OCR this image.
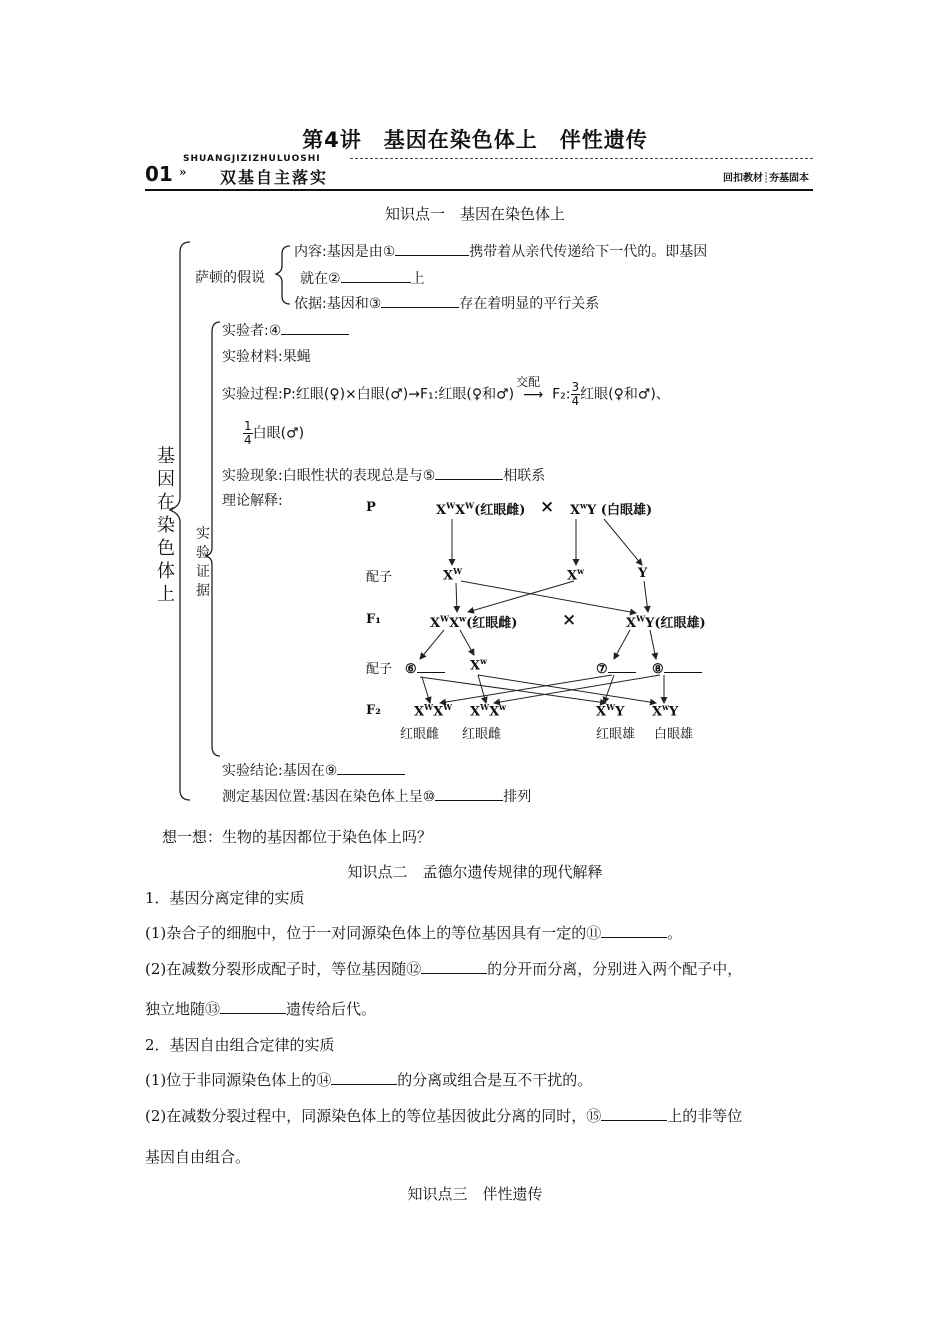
第4讲　基因在染色体上　伴性遗传
SHUANGJIZIZHULUOSHI
01 » 双基自主落实	回扣教材┊夯基固本
知识点一　基因在染色体上
基因在染色体上
萨顿的假说
实验证据
内容:基因是由①	携带着从亲代传递给下一代的。即基因
就在②	上
依据:基因和③	存在着明显的平行关系
实验者:④
实验材料:果蝇
实验过程:P:红眼(♀)×白眼(♂)→F₁:红眼(♀和♂)
交配
⟶ F₂: $\frac{3}{4}$ 红眼(♀和♂)、
$\frac{1}{4}$ 白眼(♂)
实验现象:白眼性状的表现总是与⑤	相联系
理论解释:	P
配子
F₁
配子
F₂
$X^WX^W$(红眼雌) × $X^wY$ (白眼雄)
$X^W$	$X^w$	Y
$X^WX^w$(红眼雌)	×	$X^WY$(红眼雄)
⑥	$X^w$
⑦	⑧
$X^WX^W$ $X^WX^w$	$X^WY$ $X^wY$
红眼雌 红眼雌	红眼雄 白眼雄
实验结论:基因在⑨
测定基因位置:基因在染色体上呈⑩	排列
想一想：生物的基因都位于染色体上吗？
知识点二　孟德尔遗传规律的现代解释
1．基因分离定律的实质
(1)杂合子的细胞中，位于一对同源染色体上的等位基因具有一定的⑪	。
(2)在减数分裂形成配子时，等位基因随⑫	的分开而分离，分别进入两个配子中，
独立地随⑬	遗传给后代。
2．基因自由组合定律的实质
(1)位于非同源染色体上的⑭	的分离或组合是互不干扰的。
(2)在减数分裂过程中，同源染色体上的等位基因彼此分离的同时，⑮	上的非等位
基因自由组合。
知识点三　伴性遗传
